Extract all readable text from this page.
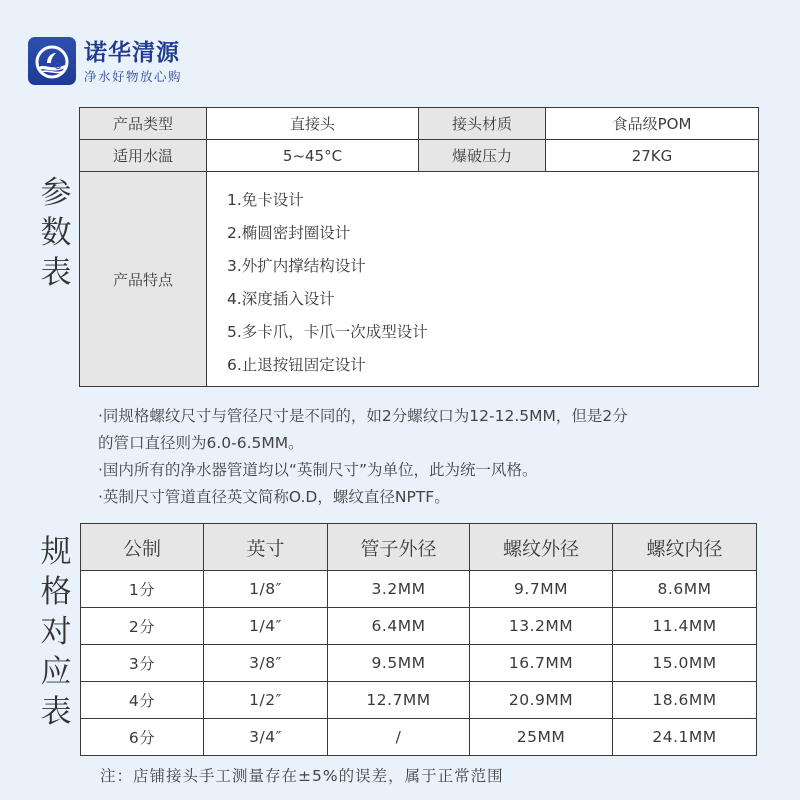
诺华清源
净水好物放心购
参
数
表
产品类型	直接头	接头材质	食品级POM
适用水温	5~45°C	爆破压力	27KG
产品特点	
1.免卡设计
2.椭圆密封圈设计
3.外扩内撑结构设计
4.深度插入设计
5.多卡爪，卡爪一次成型设计
6.止退按钮固定设计
·同规格螺纹尺寸与管径尺寸是不同的，如2分螺纹口为12-12.5MM，但是2分
的管口直径则为6.0-6.5MM。
·国内所有的净水器管道均以“英制尺寸”为单位，此为统一风格。
·英制尺寸管道直径英文简称O.D，螺纹直径NPTF。
规
格
对
应
表
公制	英寸	管子外径	螺纹外径	螺纹内径
1分	1/8″	3.2MM	9.7MM	8.6MM
2分	1/4″	6.4MM	13.2MM	11.4MM
3分	3/8″	9.5MM	16.7MM	15.0MM
4分	1/2″	12.7MM	20.9MM	18.6MM
6分	3/4″	/	25MM	24.1MM
注：店铺接头手工测量存在±5%的误差，属于正常范围
